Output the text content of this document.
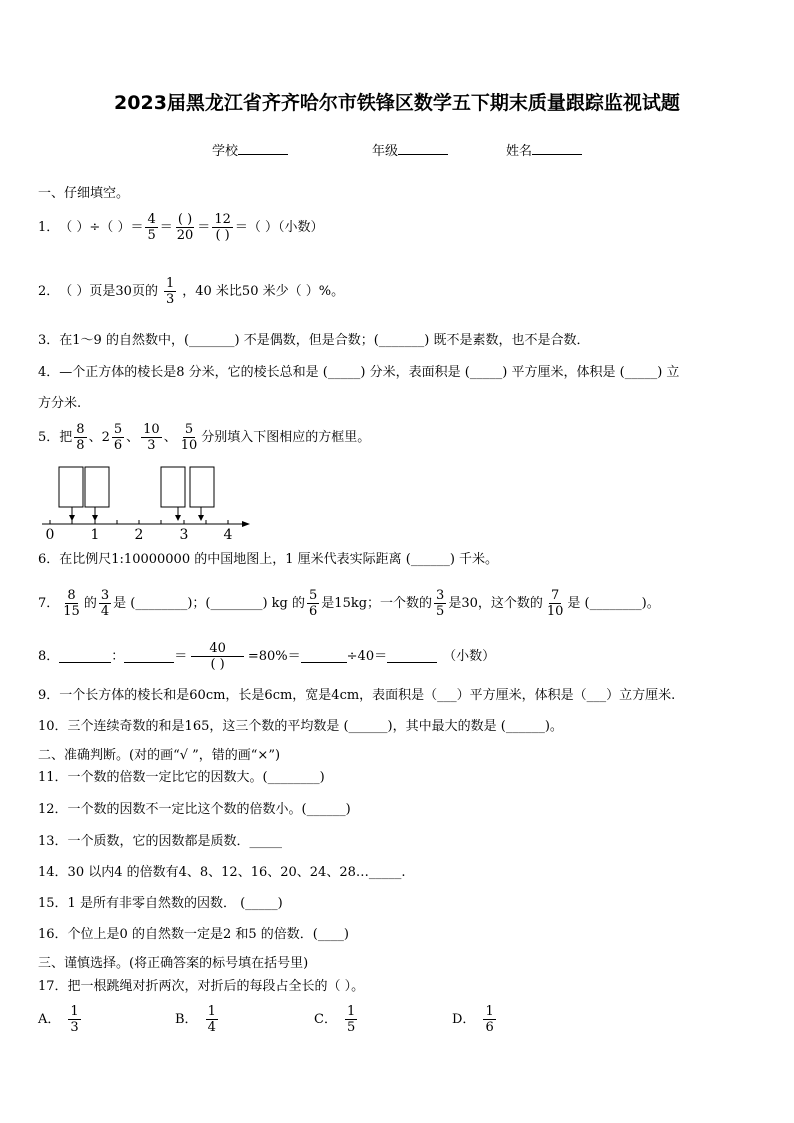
2023届黑龙江省齐齐哈尔市铁锋区数学五下期末质量跟踪监视试题
学校	年级	姓名
一、仔细填空。
1． （ ）÷（ ）＝ $\frac{4}{5} = \frac{( )}{20} = \frac{12}{( )}$ ＝（ ）（小数）
2． （ ）页是30页的 $\frac{1}{3}$ ，40 米比50 米少（ ）%。
3．在1～9 的自然数中，(_______) 不是偶数，但是合数；(_______) 既不是素数，也不是合数．
4．—个正方体的棱长是8 分米，它的棱长总和是 (_____) 分米，表面积是 (_____) 平方厘米，体积是 (_____) 立
方分米.
5．把 $\frac{8}{8}$ 、$2 \frac{5}{6}$ 、 $\frac{10}{3}$ 、 $\frac{5}{10}$ 分别填入下图相应的方框里。
0	1	2	3	4
6．在比例尺1:10000000 的中国地图上，1 厘米代表实际距离 (______) 千米。
7． $\frac{8}{15}$ 的 $\frac{3}{4}$ 是 (________)；(________) kg 的 $\frac{5}{6}$ 是15kg；一个数的 $\frac{3}{5}$ 是30，这个数的 $\frac{7}{10}$ 是 (________)。
8．	：	＝ $\frac{40}{( )} =80\%=$	÷40＝	（小数）
9．一个长方体的棱长和是60cm，长是6cm，宽是4cm，表面积是（___）平方厘米，体积是（___）立方厘米.
10．三个连续奇数的和是165，这三个数的平均数是 (______)，其中最大的数是 (______)。
二、准确判断。(对的画“√ ”，错的画“×”)
11．一个数的倍数一定比它的因数大。(________)
12．一个数的因数不一定比这个数的倍数小。(______)
13．一个质数，它的因数都是质数．_____
14．30 以内4 的倍数有4、8、12、16、20、24、28…_____.
15．1 是所有非零自然数的因数． (_____)
16．个位上是0 的自然数一定是2 和5 的倍数．(____)
三、谨慎选择。(将正确答案的标号填在括号里)
17．把一根跳绳对折两次，对折后的每段占全长的（ ）。
A． $\frac{1}{3}$	B． $\frac{1}{4}$	C． $\frac{1}{5}$	D． $\frac{1}{6}$
